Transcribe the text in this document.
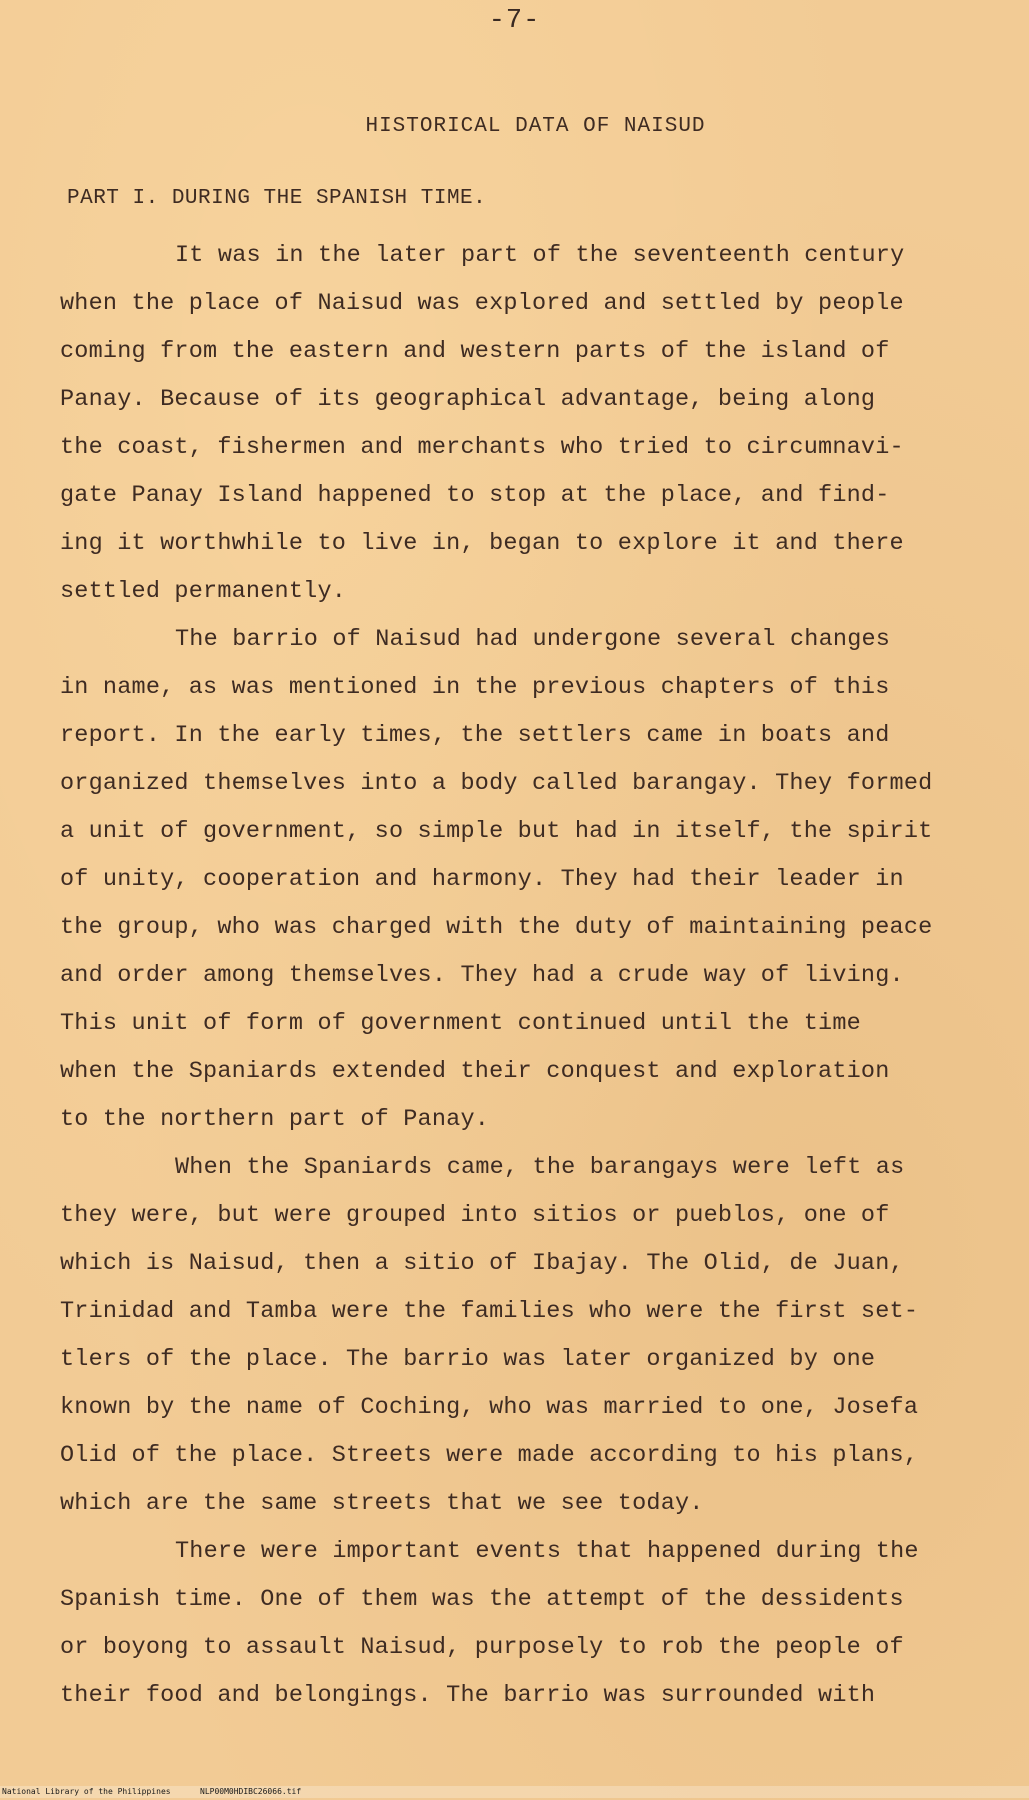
-7-
HISTORICAL DATA OF NAISUD
PART I. DURING THE SPANISH TIME.
It was in the later part of the seventeenth century
when the place of Naisud was explored and settled by people
coming from the eastern and western parts of the island of
Panay. Because of its geographical advantage, being along
the coast, fishermen and merchants who tried to circumnavi-
gate Panay Island happened to stop at the place, and find-
ing it worthwhile to live in, began to explore it and there
settled permanently.
The barrio of Naisud had undergone several changes
in name, as was mentioned in the previous chapters of this
report. In the early times, the settlers came in boats and
organized themselves into a body called barangay. They formed
a unit of government, so simple but had in itself, the spirit
of unity, cooperation and harmony. They had their leader in
the group, who was charged with the duty of maintaining peace
and order among themselves. They had a crude way of living.
This unit of form of government continued until the time
when the Spaniards extended their conquest and exploration
to the northern part of Panay.
When the Spaniards came, the barangays were left as
they were, but were grouped into sitios or pueblos, one of
which is Naisud, then a sitio of Ibajay. The Olid, de Juan,
Trinidad and Tamba were the families who were the first set-
tlers of the place. The barrio was later organized by one
known by the name of Coching, who was married to one, Josefa
Olid of the place. Streets were made according to his plans,
which are the same streets that we see today.
There were important events that happened during the
Spanish time. One of them was the attempt of the dessidents
or boyong to assault Naisud, purposely to rob the people of
their food and belongings. The barrio was surrounded with
National Library of the Philippines	NLP00M0HDIBC26066.tif
